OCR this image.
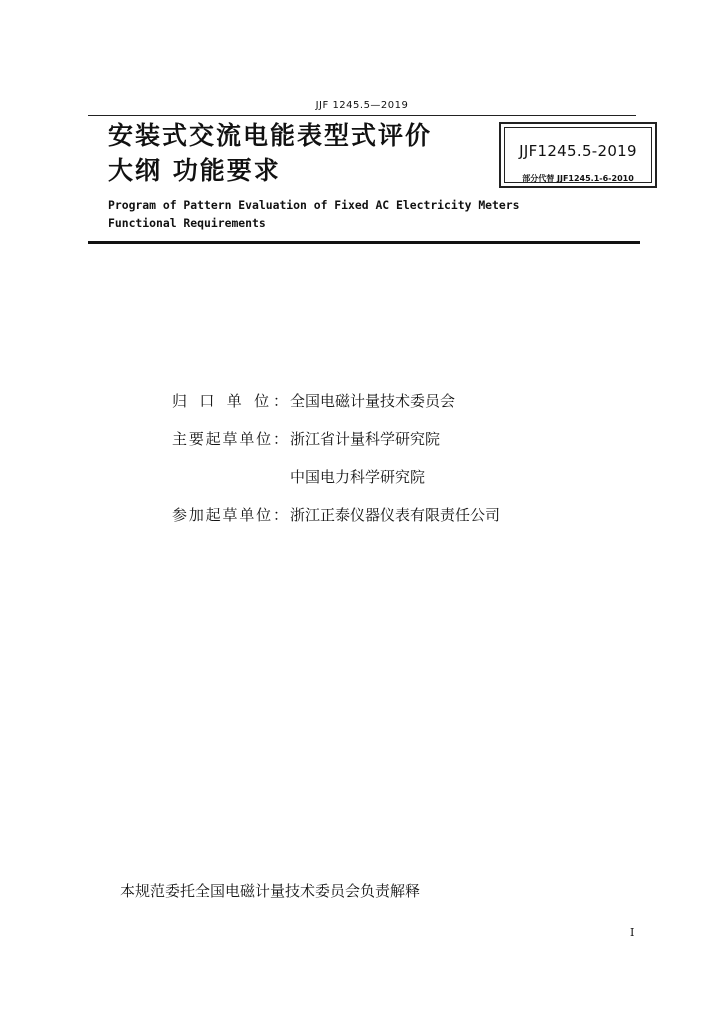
JJF 1245.5—2019
安装式交流电能表型式评价
大纲 功能要求
JJF1245.5-2019
部分代替 JJF1245.1-6-2010
Program of Pattern Evaluation of Fixed AC Electricity Meters
Functional Requirements
归 口 单 位： 全国电磁计量技术委员会
主要起草单位： 浙江省计量科学研究院
中国电力科学研究院
参加起草单位： 浙江正泰仪器仪表有限责任公司
本规范委托全国电磁计量技术委员会负责解释
I
